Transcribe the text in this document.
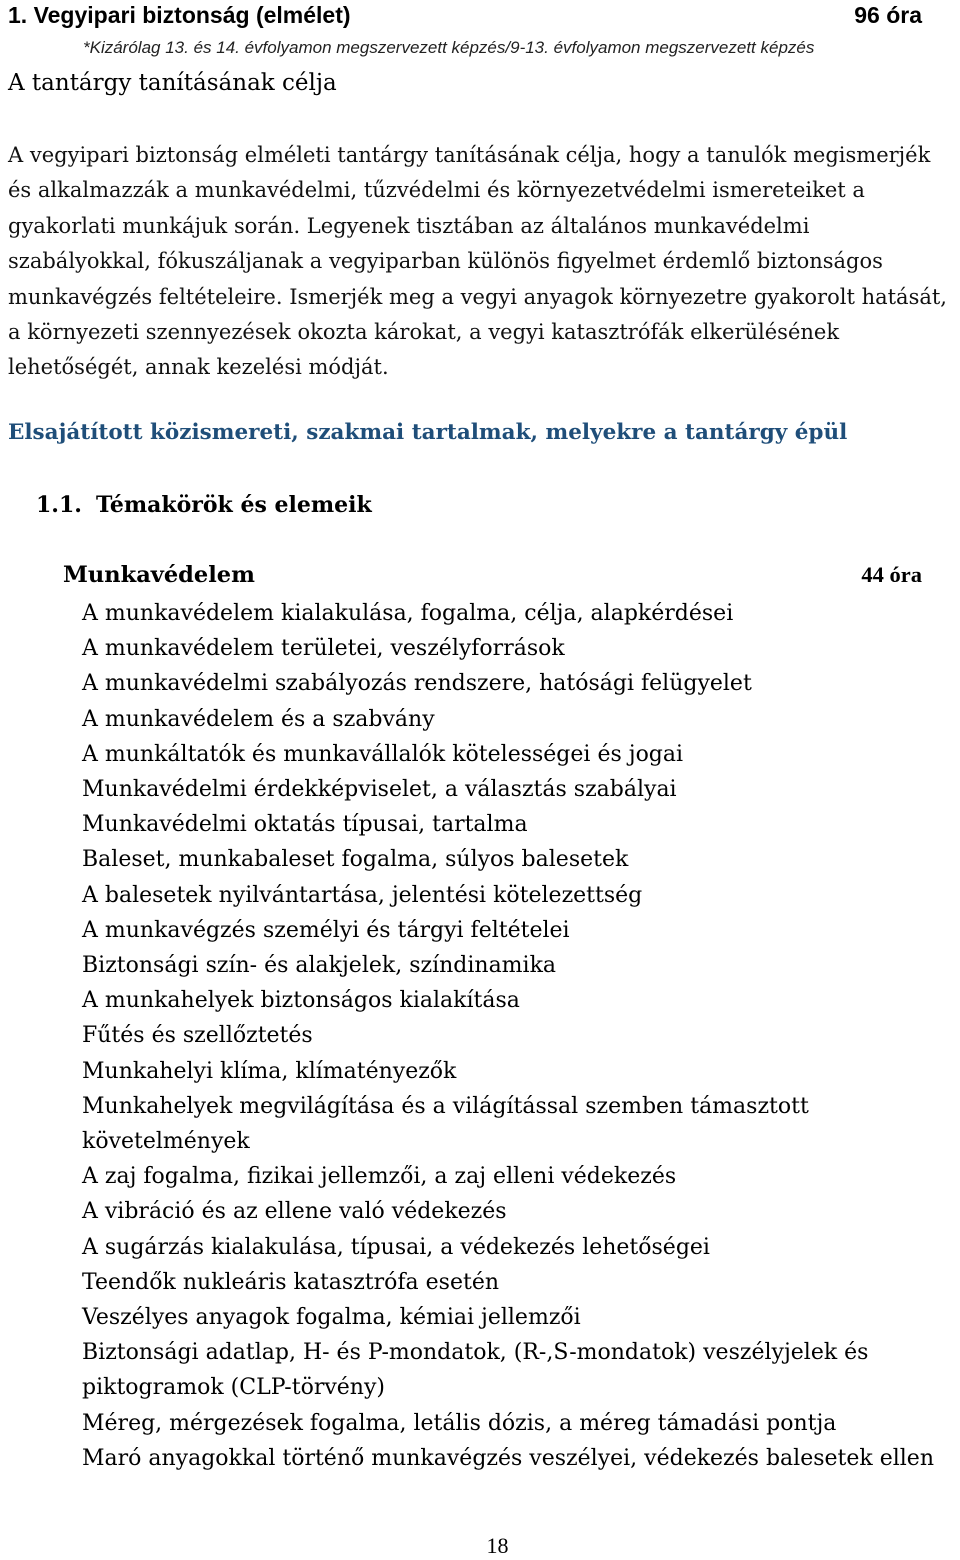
1. Vegyipari biztonság (elmélet)	96 óra
*Kizárólag 13. és 14. évfolyamon megszervezett képzés/9-13. évfolyamon megszervezett képzés
A tantárgy tanításának célja
A vegyipari biztonság elméleti tantárgy tanításának célja, hogy a tanulók megismerjék és alkalmazzák a munkavédelmi, tűzvédelmi és környezetvédelmi ismereteiket a gyakorlati munkájuk során. Legyenek tisztában az általános munkavédelmi szabályokkal, fókuszáljanak a vegyiparban különös figyelmet érdemlő biztonságos munkavégzés feltételeire. Ismerjék meg a vegyi anyagok környezetre gyakorolt hatását, a környezeti szennyezések okozta károkat, a vegyi katasztrófák elkerülésének lehetőségét, annak kezelési módját.
Elsajátított közismereti, szakmai tartalmak, melyekre a tantárgy épül
1.1. Témakörök és elemeik
Munkavédelem	44 óra
A munkavédelem kialakulása, fogalma, célja, alapkérdései
A munkavédelem területei, veszélyforrások
A munkavédelmi szabályozás rendszere, hatósági felügyelet
A munkavédelem és a szabvány
A munkáltatók és munkavállalók kötelességei és jogai
Munkavédelmi érdekképviselet, a választás szabályai
Munkavédelmi oktatás típusai, tartalma
Baleset, munkabaleset fogalma, súlyos balesetek
A balesetek nyilvántartása, jelentési kötelezettség
A munkavégzés személyi és tárgyi feltételei
Biztonsági szín- és alakjelek, színdinamika
A munkahelyek biztonságos kialakítása
Fűtés és szellőztetés
Munkahelyi klíma, klímatényezők
Munkahelyek megvilágítása és a világítással szemben támasztott követelmények
A zaj fogalma, fizikai jellemzői, a zaj elleni védekezés
A vibráció és az ellene való védekezés
A sugárzás kialakulása, típusai, a védekezés lehetőségei
Teendők nukleáris katasztrófa esetén
Veszélyes anyagok fogalma, kémiai jellemzői
Biztonsági adatlap, H- és P-mondatok, (R-,S-mondatok) veszélyjelek és piktogramok (CLP-törvény)
Méreg, mérgezések fogalma, letális dózis, a méreg támadási pontja
Maró anyagokkal történő munkavégzés veszélyei, védekezés balesetek ellen
18
